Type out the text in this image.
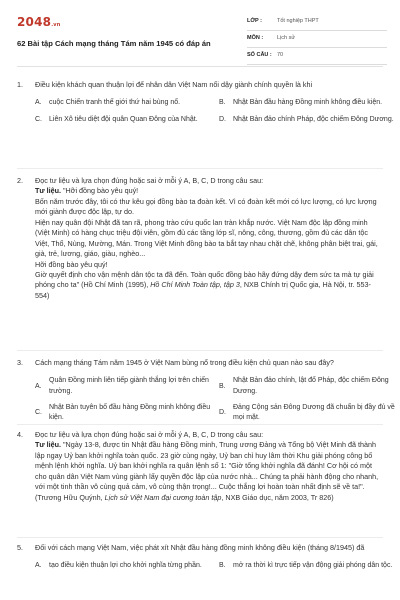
2048.vn
62 Bài tập Cách mạng tháng Tám năm 1945 có đáp án
LỚP :	Tốt nghiệp THPT
MÔN :	Lịch sử
SỐ CÂU : 70
1. Điều kiện khách quan thuận lợi để nhân dân Việt Nam nổi dậy giành chính quyền là khi
A.	cuộc Chiến tranh thế giới thứ hai bùng nổ.	B.	Nhật Bản đầu hàng Đồng minh không điều kiện.
C.	Liên Xô tiêu diệt đội quân Quan Đông của Nhật.	D.	Nhật Bản đảo chính Pháp, độc chiếm Đông Dương.
2. Đọc tư liệu và lựa chọn đúng hoặc sai ở mỗi ý A, B, C, D trong câu sau:
Tư liệu. "Hỡi đồng bào yêu quý!
Bốn năm trước đây, tôi có thư kêu gọi đồng bào ta đoàn kết. Vì có đoàn kết mới có lực lượng, có lực lượng mới giành được độc lập, tự do.
Hiện nay quân đội Nhật đã tan rã, phong trào cứu quốc lan tràn khắp nước. Việt Nam độc lập đồng minh (Việt Minh) có hàng chục triệu đội viên, gồm đủ các tầng lớp sĩ, nông, công, thương, gồm đủ các dân tộc Việt, Thổ, Nùng, Mường, Mán. Trong Việt Minh đồng bào ta bắt tay nhau chặt chẽ, không phân biệt trai, gái, già, trẻ, lương, giáo, giàu, nghèo...
Hỡi đồng bào yêu quý!
Giờ quyết định cho vận mệnh dân tộc ta đã đến. Toàn quốc đồng bào hãy đứng dậy đem sức ta mà tự giải phóng cho ta" (Hồ Chí Minh (1995), Hồ Chí Minh Toàn tập, tập 3, NXB Chính trị Quốc gia, Hà Nội, tr. 553-554)
3. Cách mạng tháng Tám năm 1945 ở Việt Nam bùng nổ trong điều kiện chủ quan nào sau đây?
A.
Quân Đồng minh liên tiếp giành thắng lợi trên chiến trường.
B.
Nhật Bản đảo chính, lật đổ Pháp, độc chiếm Đông Dương.
C.
Nhật Bản tuyên bố đầu hàng Đồng minh không điều kiện.
D.
Đảng Cộng sản Đông Dương đã chuẩn bị đầy đủ về mọi mặt.
4. Đọc tư liệu và lựa chọn đúng hoặc sai ở mỗi ý A, B, C, D trong câu sau:
Tư liệu. "Ngày 13-8, được tin Nhật đầu hàng Đồng minh, Trung ương Đảng và Tổng bộ Việt Minh đã thành lập ngay Uỷ ban khởi nghĩa toàn quốc. 23 giờ cùng ngày, Uỷ ban chỉ huy lâm thời Khu giải phóng công bố mệnh lệnh khởi nghĩa. Uỷ ban khởi nghĩa ra quân lệnh số 1: "Giờ tổng khởi nghĩa đã đánh! Cơ hội có một cho quân dân Việt Nam vùng giành lấy quyền độc lập của nước nhà... Chúng ta phải hành động cho nhanh, với một tinh thần vô cùng quả cảm, vô cùng thận trọng!... Cuộc thắng lợi hoàn toàn nhất định sẽ về ta!". (Trương Hữu Quýnh, Lịch sử Việt Nam đại cương toàn tập, NXB Giáo dục, năm 2003, Tr 826)
5. Đối với cách mạng Việt Nam, việc phát xít Nhật đầu hàng đồng minh không điều kiện (tháng 8/1945) đã
A.	tạo điều kiện thuận lợi cho khởi nghĩa từng phần. B.	mở ra thời kì trực tiếp vận động giải phóng dân tộc.
